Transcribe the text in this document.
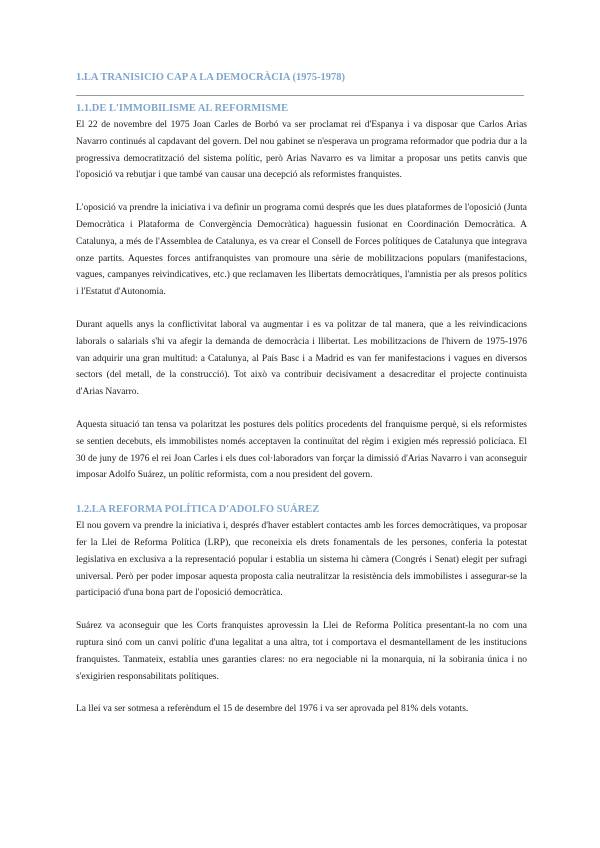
1.LA TRANISICIO CAP A LA DEMOCRÀCIA (1975-1978)
1.1.DE L'IMMOBILISME AL REFORMISME

El 22 de novembre del 1975 Joan Carles de Borbó va ser proclamat rei d'Espanya i va disposar que Carlos Arias Navarro continués al capdavant del govern. Del nou gabinet se n'esperava un programa reformador que podria dur a la progressiva democratització del sistema polític, però Arias Navarro es va limitar a proposar uns petits canvis que l'oposició va rebutjar i que també van causar una decepció als reformistes franquistes.

L'oposició va prendre la iniciativa i va definir un programa comú després que les dues plataformes de l'oposició (Junta Democràtica i Plataforma de Convergència Democràtica) haguessin fusionat en Coordinación Democràtica. A Catalunya, a més de l'Assemblea de Catalunya, es va crear el Consell de Forces polítiques de Catalunya que integrava onze partits. Aquestes forces antifranquistes van promoure una sèrie de mobilitzacions populars (manifestacions, vagues, campanyes reivindicatives, etc.) que reclamaven les llibertats democràtiques, l'amnistia per als presos polítics i l'Estatut d'Autonomia.

Durant aquells anys la conflictivitat laboral va augmentar i es va politzar de tal manera, que a les reivindicacions laborals o salarials s'hi va afegir la demanda de democràcia i llibertat. Les mobilitzacions de l'hivern de 1975-1976 van adquirir una gran multitud: a Catalunya, al País Basc i a Madrid es van fer manifestacions i vagues en diversos sectors (del metall, de la construcció). Tot això va contribuir decisivament a desacreditar el projecte continuista d'Arias Navarro.

Aquesta situació tan tensa va polaritzat les postures dels polítics procedents del franquisme perquè, si els reformistes se sentien decebuts, els immobilistes només acceptaven la continuïtat del règim i exigien més repressió policíaca. El 30 de juny de 1976 el rei Joan Carles i els dues col·laboradors van forçar la dimissió d'Arias Navarro i van aconseguir imposar Adolfo Suárez, un polític reformista, com a nou president del govern.

1.2.LA REFORMA POLÍTICA D'ADOLFO SUÁREZ

El nou govern va prendre la iniciativa i, després d'haver establert contactes amb les forces democràtiques, va proposar fer la Llei de Reforma Política (LRP), que reconeixia els drets fonamentals de les persones, conferia la potestat legislativa en exclusiva a la representació popular i establia un sistema hi càmera (Congrés i Senat) elegit per sufragi universal. Però per poder imposar aquesta proposta calia neutralitzar la resistència dels immobilistes i assegurar-se la participació d'una bona part de l'oposició democràtica.

Suárez va aconseguir que les Corts franquistes aprovessin la Llei de Reforma Política presentant-la no com una ruptura sinó com un canvi polític d'una legalitat a una altra, tot i comportava el desmantellament de les institucions franquistes. Tanmateix, establia unes garanties clares: no era negociable ni la monarquia, ni la sobirania única i no s'exigirien responsabilitats polítiques.

La llei va ser sotmesa a referèndum el 15 de desembre del 1976 i va ser aprovada pel 81% dels votants.
